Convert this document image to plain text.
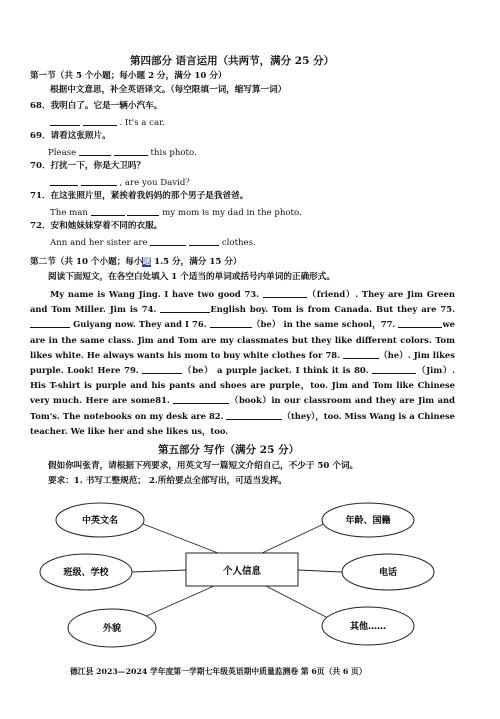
第四部分 语言运用（共两节，满分 25 分）
第一节（共 5 个小题；每小题 2 分，满分 10 分）
根据中文意思，补全英语译文。（每空限填一词，缩写算一词）
68．我明白了。它是一辆小汽车。
. It's a car.
69．请看这张照片。
Please	this photo.
70．打扰一下，你是大卫吗？
, are you David？
71．在这张照片里，紧挨着我妈妈的那个男子是我爸爸。
The man	my mom is my dad in the photo.
72．安和她妹妹穿着不同的衣服。
Ann and her sister are	clothes.
第二节（共 10 个小题；每小题 1.5 分，满分 15 分）
阅读下面短文，在各空白处填入 1 个适当的单词或括号内单词的正确形式。
My name is Wang Jing. I have two good 73.	（friend）. They are Jim Green and Tom Miller. Jim is 74.	English boy. Tom is from Canada. But they are 75.  Guiyang now. They and I 76.	（be） in the same school，77.	we are in the same class. Jim and Tom are my classmates but they like different colors. Tom likes white. He always wants his mom to buy white clothes for 78.	（he）. Jim likes purple. Look! Here 79.	（be） a purple jacket. I think it is 80.	（Jim）. His T-shirt is purple and his pants and shoes are purple，too. Jim and Tom like Chinese very much. Here are some81.	（book）in our classroom and they are Jim and Tom's. The notebooks on my desk are 82.	（they），too. Miss Wang is a Chinese teacher. We like her and she likes us，too.
第五部分 写作（满分 25 分）
假如你叫张青，请根据下列要求，用英文写一篇短文介绍自己，不少于 50 个词。
要求：1. 书写工整规范； 2.所给要点全部写出，可适当发挥。
个人信息
中英文名	年龄、国籍
班级、学校	电话
外貌	其他……
德江县 2023—2024 学年度第一学期七年级英语期中质量监测卷 第 6页（共 6 页）
